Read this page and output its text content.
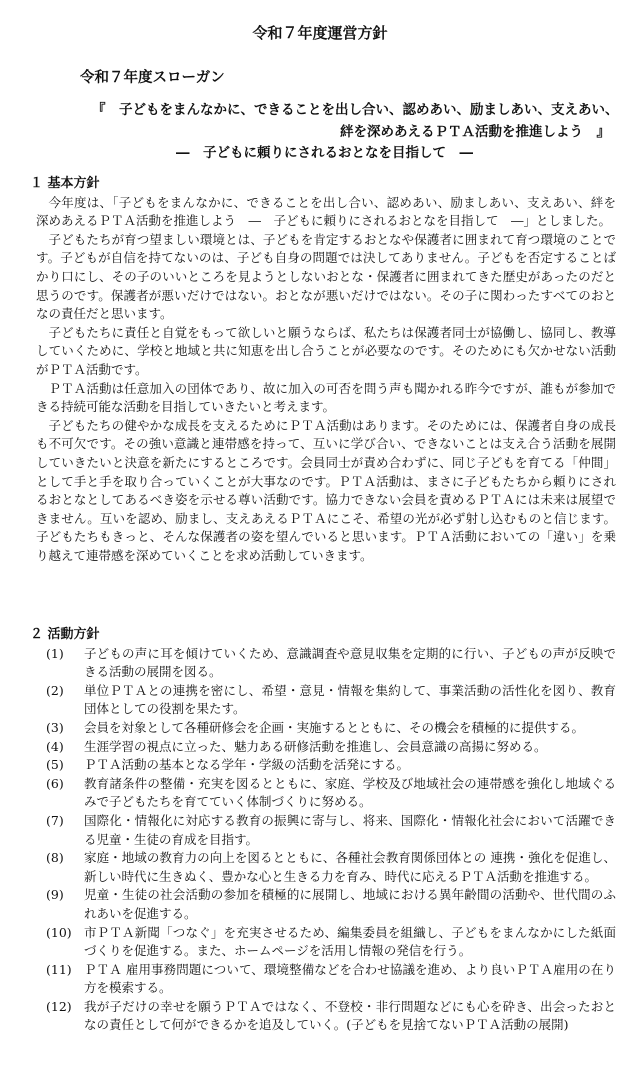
令和７年度運営方針
令和７年度スローガン
『　子どもをまんなかに、できることを出し合い、認めあい、励ましあい、支えあい、
絆を深めあえるＰＴＡ活動を推進しよう　』
―　子どもに頼りにされるおとなを目指して　―
１ 基本方針
今年度は、「子どもをまんなかに、できることを出し合い、認めあい、励ましあい、支えあい、絆を深めあえるＰＴＡ活動を推進しよう　―　子どもに頼りにされるおとなを目指して　―」としました。
子どもたちが育つ望ましい環境とは、子どもを肯定するおとなや保護者に囲まれて育つ環境のことです。子どもが自信を持てないのは、子ども自身の問題では決してありません。子どもを否定することばかり口にし、その子のいいところを見ようとしないおとな・保護者に囲まれてきた歴史があったのだと思うのです。保護者が悪いだけではない。おとなが悪いだけではない。その子に関わったすべてのおとなの責任だと思います。
子どもたちに責任と自覚をもって欲しいと願うならば、私たちは保護者同士が協働し、協同し、教導していくために、学校と地域と共に知恵を出し合うことが必要なのです。そのためにも欠かせない活動がＰＴＡ活動です。
ＰＴＡ活動は任意加入の団体であり、故に加入の可否を問う声も聞かれる昨今ですが、誰もが参加できる持続可能な活動を目指していきたいと考えます。
子どもたちの健やかな成長を支えるためにＰＴＡ活動はあります。そのためには、保護者自身の成長も不可欠です。その強い意識と連帯感を持って、互いに学び合い、できないことは支え合う活動を展開していきたいと決意を新たにするところです。会員同士が責め合わずに、同じ子どもを育てる「仲間」として手と手を取り合っていくことが大事なのです。ＰＴＡ活動は、まさに子どもたちから頼りにされるおとなとしてあるべき姿を示せる尊い活動です。協力できない会員を責めるＰＴＡには未来は展望できません。互いを認め、励まし、支えあえるＰＴＡにこそ、希望の光が必ず射し込むものと信じます。子どもたちもきっと、そんな保護者の姿を望んでいると思います。ＰＴＡ活動においての「違い」を乗り越えて連帯感を深めていくことを求め活動していきます。
２ 活動方針
(1) 子どもの声に耳を傾けていくため、意識調査や意見収集を定期的に行い、子どもの声が反映できる活動の展開を図る。
(2) 単位ＰＴＡとの連携を密にし、希望・意見・情報を集約して、事業活動の活性化を図り、教育団体としての役割を果たす。
(3) 会員を対象として各種研修会を企画・実施するとともに、その機会を積極的に提供する。
(4) 生涯学習の視点に立った、魅力ある研修活動を推進し、会員意識の高揚に努める。
(5) ＰＴＡ活動の基本となる学年・学級の活動を活発にする。
(6) 教育諸条件の整備・充実を図るとともに、家庭、学校及び地域社会の連帯感を強化し地域ぐるみで子どもたちを育てていく体制づくりに努める。
(7) 国際化・情報化に対応する教育の振興に寄与し、将来、国際化・情報化社会において活躍できる児童・生徒の育成を目指す。
(8) 家庭・地域の教育力の向上を図るとともに、各種社会教育関係団体との 連携・強化を促進し、新しい時代に生きぬく、豊かな心と生きる力を育み、時代に応えるＰＴＡ活動を推進する。
(9) 児童・生徒の社会活動の参加を積極的に展開し、地域における異年齢間の活動や、世代間のふれあいを促進する。
(10) 市ＰＴＡ新聞「つなぐ」を充実させるため、編集委員を組織し、子どもをまんなかにした紙面づくりを促進する。また、ホームページを活用し情報の発信を行う。
(11) ＰＴＡ 雇用事務問題について、環境整備などを合わせ協議を進め、より良いＰＴＡ雇用の在り方を模索する。
(12) 我が子だけの幸せを願うＰＴＡではなく、不登校・非行問題などにも心を砕き、出会ったおとなの責任として何ができるかを追及していく。(子どもを見捨てないＰＴＡ活動の展開)
